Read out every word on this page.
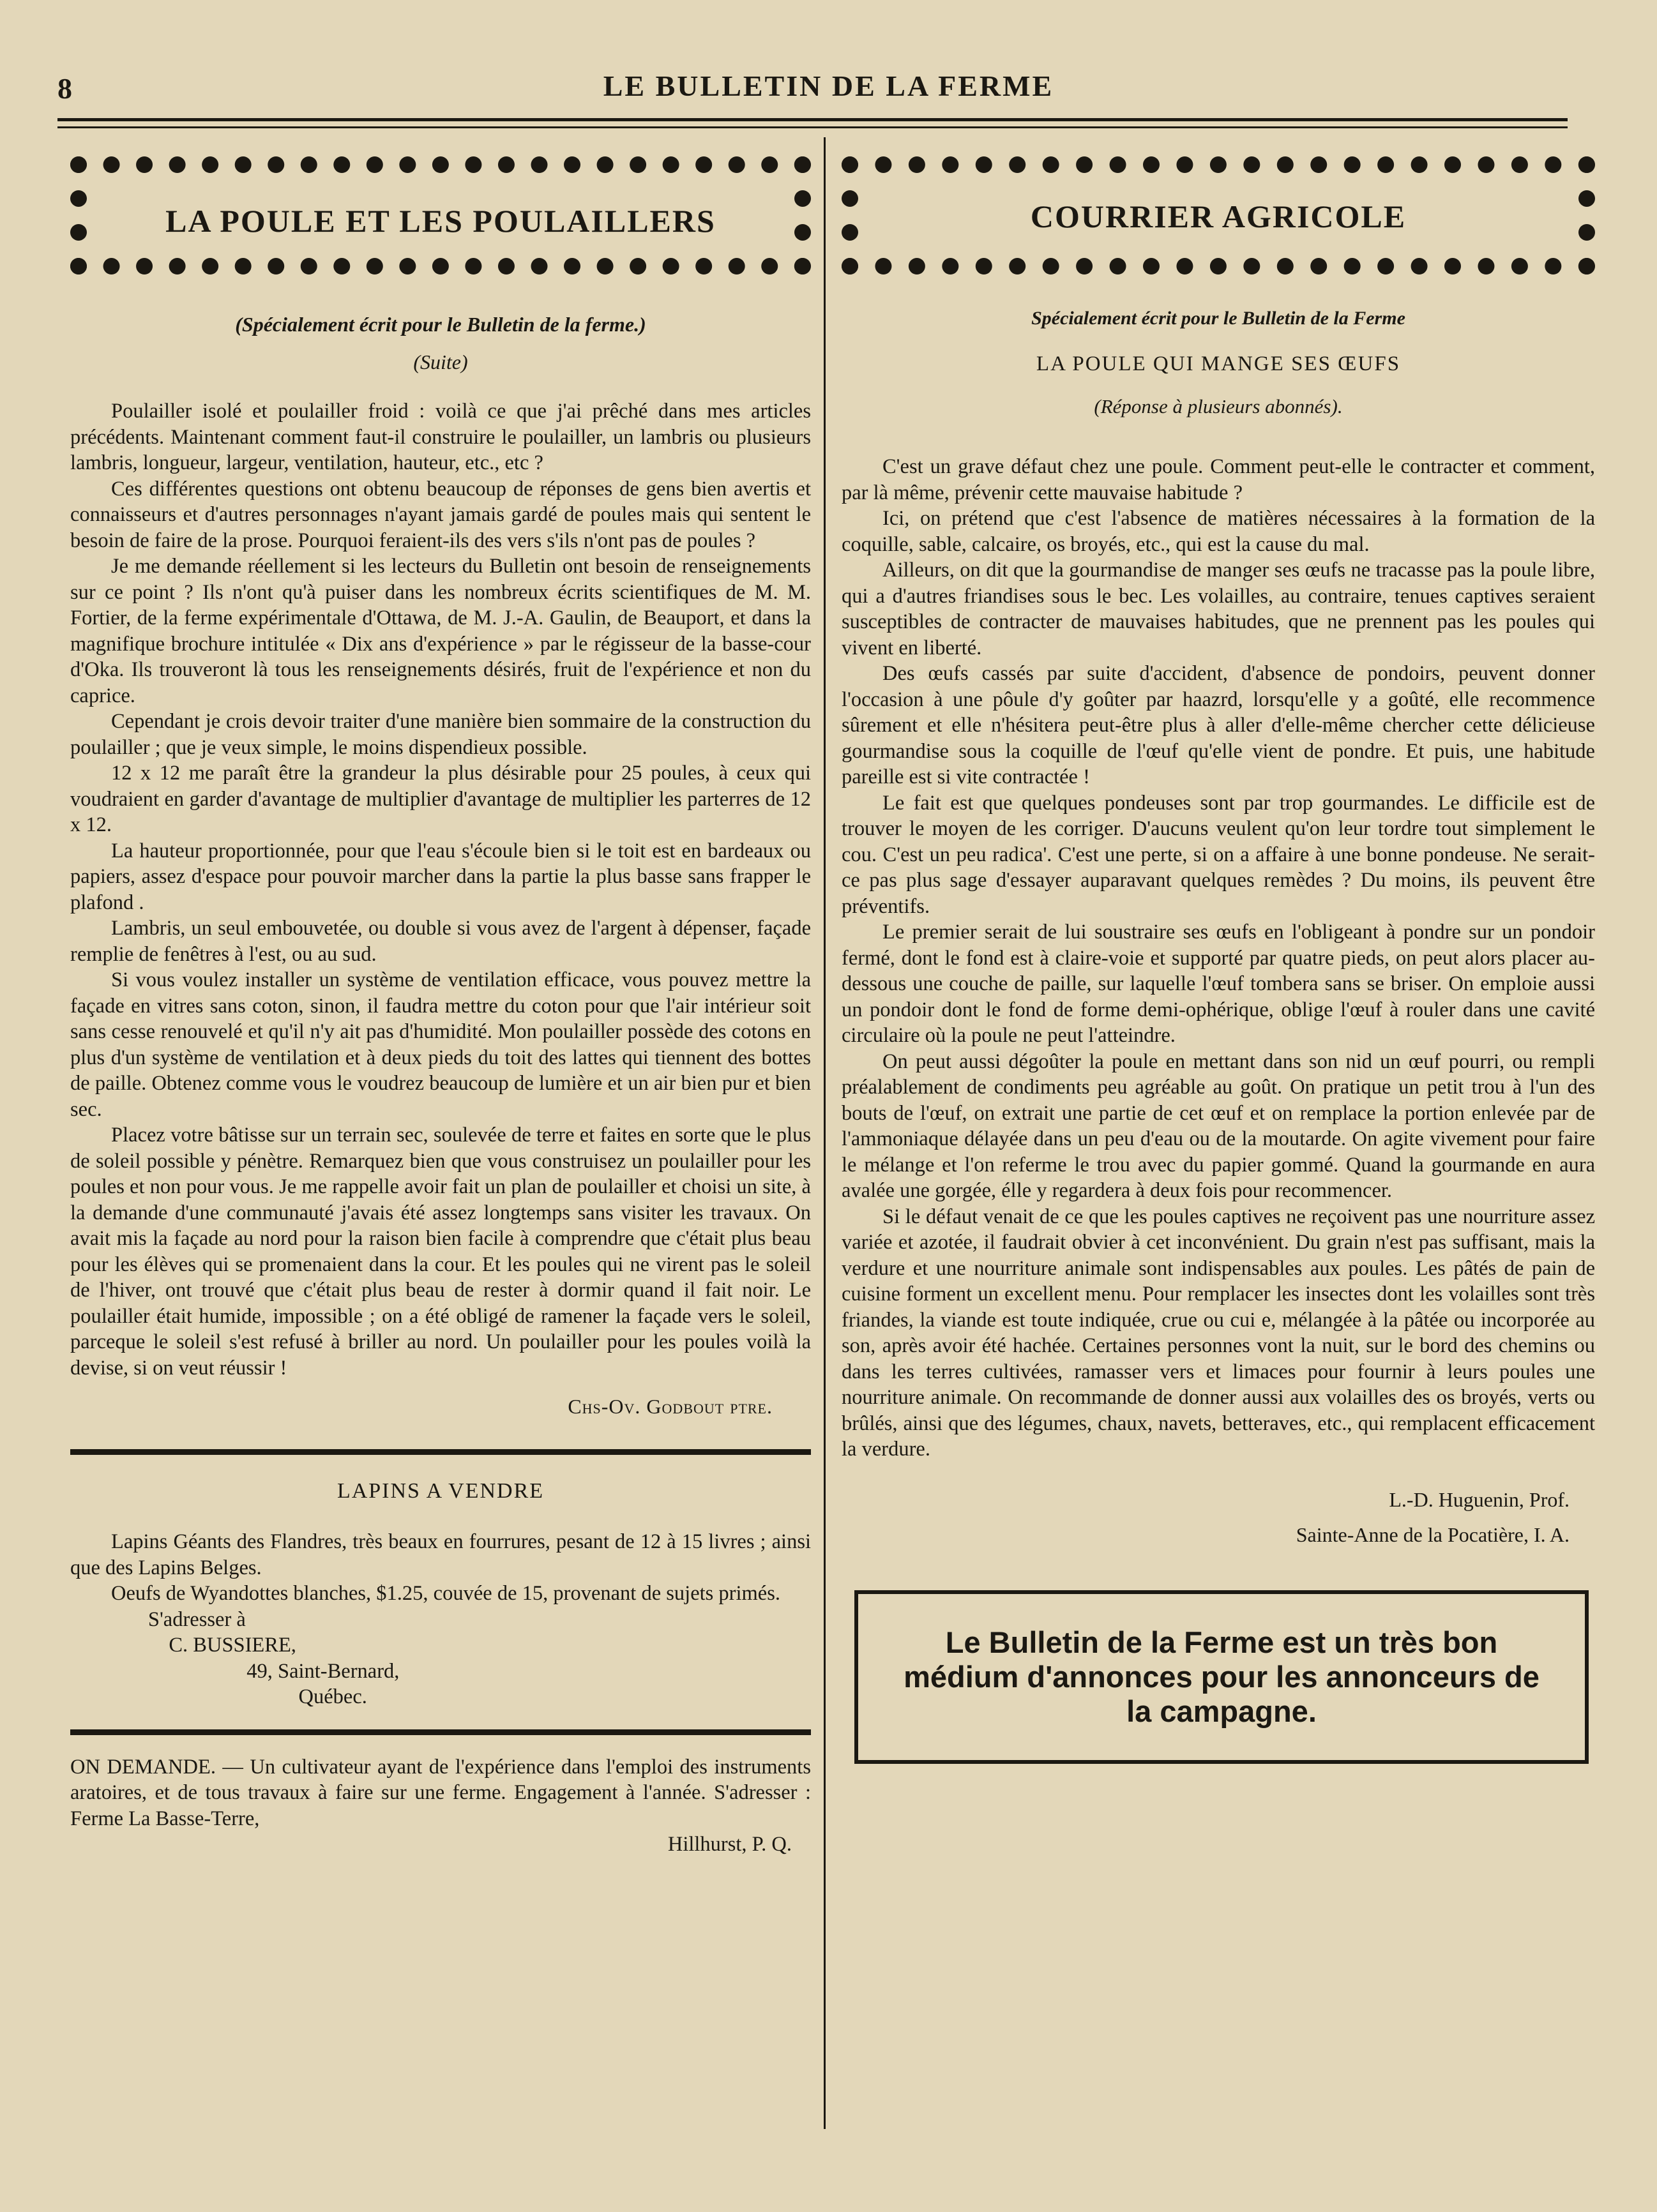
8	LE BULLETIN DE LA FERME
LA POULE ET LES POULAILLERS
(Spécialement écrit pour le Bulletin de la ferme.)
(Suite)

Poulailler isolé et poulailler froid : voilà ce que j'ai prêché dans mes articles précédents. Maintenant comment faut-il construire le poulailler, un lambris ou plusieurs lambris, longueur, largeur, ventilation, hauteur, etc., etc ?

Ces différentes questions ont obtenu beaucoup de réponses de gens bien avertis et connaisseurs et d'autres personnages n'ayant jamais gardé de poules mais qui sentent le besoin de faire de la prose. Pourquoi feraient-ils des vers s'ils n'ont pas de poules ?

Je me demande réellement si les lecteurs du Bulletin ont besoin de renseignements sur ce point ? Ils n'ont qu'à puiser dans les nombreux écrits scientifiques de M. M. Fortier, de la ferme expérimentale d'Ottawa, de M. J.-A. Gaulin, de Beauport, et dans la magnifique brochure intitulée « Dix ans d'expérience » par le régisseur de la basse-cour d'Oka. Ils trouveront là tous les renseignements désirés, fruit de l'expérience et non du caprice.

Cependant je crois devoir traiter d'une manière bien sommaire de la construction du poulailler ; que je veux simple, le moins dispendieux possible.

12 x 12 me paraît être la grandeur la plus désirable pour 25 poules, à ceux qui voudraient en garder d'avantage de multiplier d'avantage de multiplier les parterres de 12 x 12.

La hauteur proportionnée, pour que l'eau s'écoule bien si le toit est en bardeaux ou papiers, assez d'espace pour pouvoir marcher dans la partie la plus basse sans frapper le plafond .

Lambris, un seul embouvetée, ou double si vous avez de l'argent à dépenser, façade remplie de fenêtres à l'est, ou au sud.

Si vous voulez installer un système de ventilation efficace, vous pouvez mettre la façade en vitres sans coton, sinon, il faudra mettre du coton pour que l'air intérieur soit sans cesse renouvelé et qu'il n'y ait pas d'humidité. Mon poulailler possède des cotons en plus d'un système de ventilation et à deux pieds du toit des lattes qui tiennent des bottes de paille. Obtenez comme vous le voudrez beaucoup de lumière et un air bien pur et bien sec.

Placez votre bâtisse sur un terrain sec, soulevée de terre et faites en sorte que le plus de soleil possible y pénètre. Remarquez bien que vous construisez un poulailler pour les poules et non pour vous. Je me rappelle avoir fait un plan de poulailler et choisi un site, à la demande d'une communauté j'avais été assez longtemps sans visiter les travaux. On avait mis la façade au nord pour la raison bien facile à comprendre que c'était plus beau pour les élèves qui se promenaient dans la cour. Et les poules qui ne virent pas le soleil de l'hiver, ont trouvé que c'était plus beau de rester à dormir quand il fait noir. Le poulailler était humide, impossible ; on a été obligé de ramener la façade vers le soleil, parceque le soleil s'est refusé à briller au nord. Un poulailler pour les poules voilà la devise, si on veut réussir !

Chs-Ov. Godbout ptre.
LAPINS A VENDRE

Lapins Géants des Flandres, très beaux en fourrures, pesant de 12 à 15 livres ; ainsi que des Lapins Belges.

Oeufs de Wyandottes blanches, $1.25, couvée de 15, provenant de sujets primés.

S'adresser à
C. BUSSIERE,
49, Saint-Bernard,
Québec.
ON DEMANDE. — Un cultivateur ayant de l'expérience dans l'emploi des instruments aratoires, et de tous travaux à faire sur une ferme. Engagement à l'année. S'adresser : Ferme La Basse-Terre,
Hillhurst, P. Q.
COURRIER AGRICOLE
Spécialement écrit pour le Bulletin de la Ferme
LA POULE QUI MANGE SES ŒUFS
(Réponse à plusieurs abonnés).

C'est un grave défaut chez une poule. Comment peut-elle le contracter et comment, par là même, prévenir cette mauvaise habitude ?

Ici, on prétend que c'est l'absence de matières nécessaires à la formation de la coquille, sable, calcaire, os broyés, etc., qui est la cause du mal.

Ailleurs, on dit que la gourmandise de manger ses œufs ne tracasse pas la poule libre, qui a d'autres friandises sous le bec. Les volailles, au contraire, tenues captives seraient susceptibles de contracter de mauvaises habitudes, que ne prennent pas les poules qui vivent en liberté.

Des œufs cassés par suite d'accident, d'absence de pondoirs, peuvent donner l'occasion à une pôule d'y goûter par haazrd, lorsqu'elle y a goûté, elle recommence sûrement et elle n'hésitera peut-être plus à aller d'elle-même chercher cette délicieuse gourmandise sous la coquille de l'œuf qu'elle vient de pondre. Et puis, une habitude pareille est si vite contractée !

Le fait est que quelques pondeuses sont par trop gourmandes. Le difficile est de trouver le moyen de les corriger. D'aucuns veulent qu'on leur tordre tout simplement le cou. C'est un peu radica'. C'est une perte, si on a affaire à une bonne pondeuse. Ne serait-ce pas plus sage d'essayer auparavant quelques remèdes ? Du moins, ils peuvent être préventifs.

Le premier serait de lui soustraire ses œufs en l'obligeant à pondre sur un pondoir fermé, dont le fond est à claire-voie et supporté par quatre pieds, on peut alors placer au-dessous une couche de paille, sur laquelle l'œuf tombera sans se briser. On emploie aussi un pondoir dont le fond de forme demi-ophérique, oblige l'œuf à rouler dans une cavité circulaire où la poule ne peut l'atteindre.

On peut aussi dégoûter la poule en mettant dans son nid un œuf pourri, ou rempli préalablement de condiments peu agréable au goût. On pratique un petit trou à l'un des bouts de l'œuf, on extrait une partie de cet œuf et on remplace la portion enlevée par de l'ammoniaque délayée dans un peu d'eau ou de la moutarde. On agite vivement pour faire le mélange et l'on referme le trou avec du papier gommé. Quand la gourmande en aura avalée une gorgée, élle y regardera à deux fois pour recommencer.

Si le défaut venait de ce que les poules captives ne reçoivent pas une nourriture assez variée et azotée, il faudrait obvier à cet inconvénient. Du grain n'est pas suffisant, mais la verdure et une nourriture animale sont indispensables aux poules. Les pâtés de pain de cuisine forment un excellent menu. Pour remplacer les insectes dont les volailles sont très friandes, la viande est toute indiquée, crue ou cui e, mélangée à la pâtée ou incorporée au son, après avoir été hachée. Certaines personnes vont la nuit, sur le bord des chemins ou dans les terres cultivées, ramasser vers et limaces pour fournir à leurs poules une nourriture animale. On recommande de donner aussi aux volailles des os broyés, verts ou brûlés, ainsi que des légumes, chaux, navets, betteraves, etc., qui remplacent efficacement la verdure.

L.-D. Huguenin, Prof.
Sainte-Anne de la Pocatière, I. A.
Le Bulletin de la Ferme est un très bon médium d'annonces pour les annonceurs de la campagne.
